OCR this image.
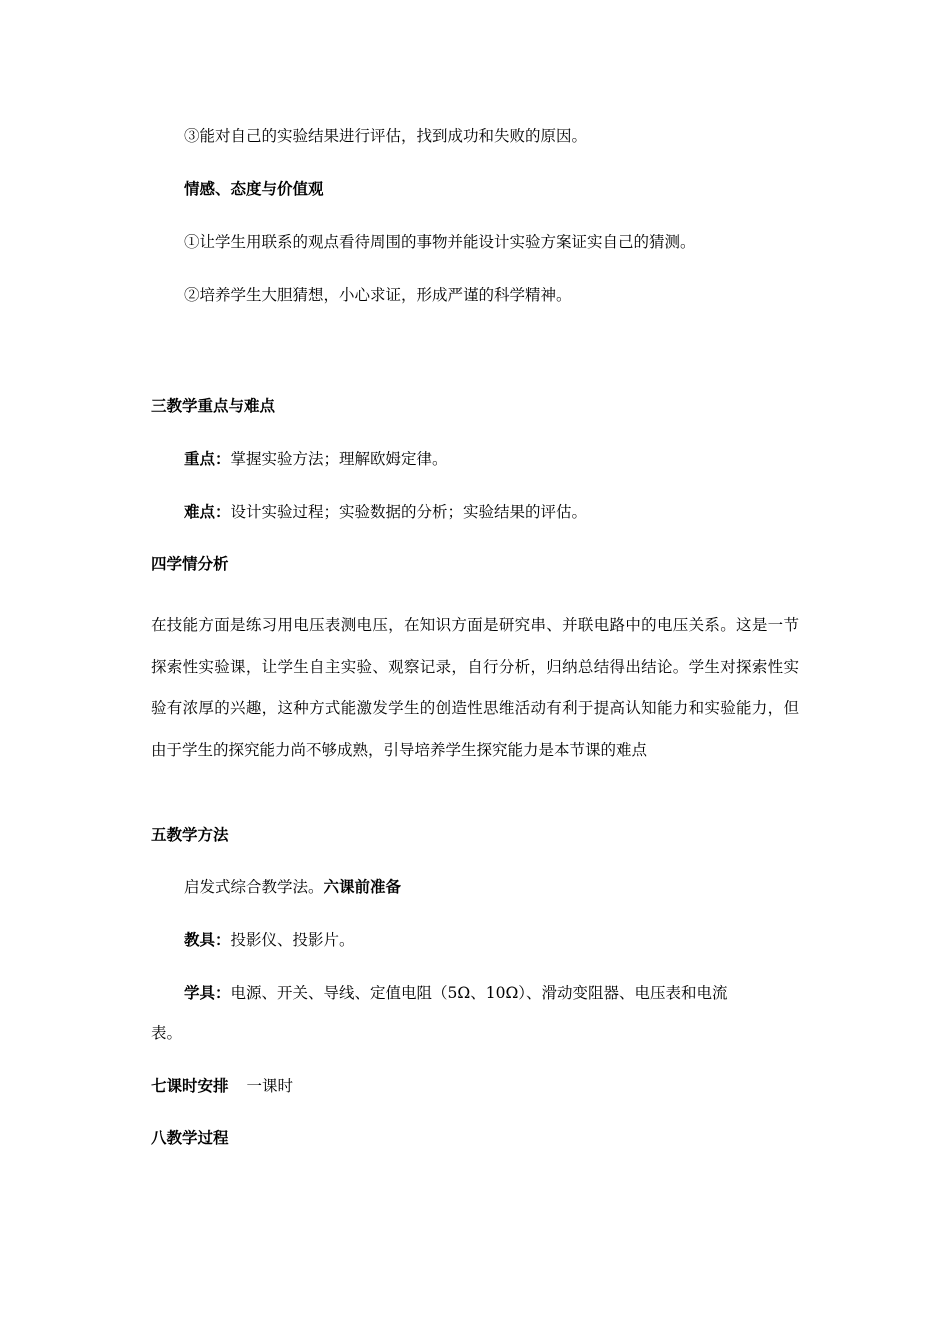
③能对自己的实验结果进行评估，找到成功和失败的原因。
情感、态度与价值观
①让学生用联系的观点看待周围的事物并能设计实验方案证实自己的猜测。
②培养学生大胆猜想，小心求证，形成严谨的科学精神。
三教学重点与难点
重点：掌握实验方法；理解欧姆定律。
难点：设计实验过程；实验数据的分析；实验结果的评估。
四学情分析
在技能方面是练习用电压表测电压，在知识方面是研究串、并联电路中的电压关系。这是一节探索性实验课，让学生自主实验、观察记录，自行分析，归纳总结得出结论。学生对探索性实验有浓厚的兴趣，这种方式能激发学生的创造性思维活动有利于提高认知能力和实验能力，但由于学生的探究能力尚不够成熟，引导培养学生探究能力是本节课的难点
五教学方法
启发式综合教学法。六课前准备
教具：投影仪、投影片。
学具：电源、开关、导线、定值电阻（5Ω、10Ω）、滑动变阻器、电压表和电流
表。
七课时安排 一课时
八教学过程
